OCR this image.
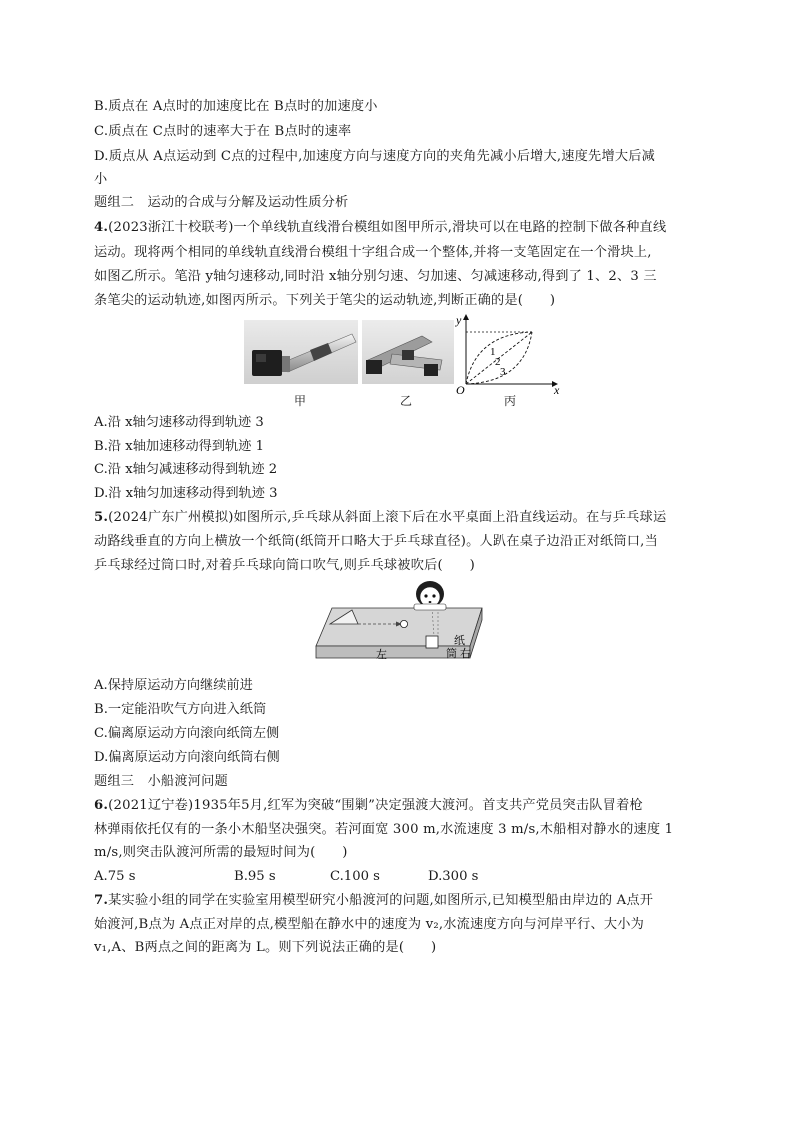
B.质点在 A点时的加速度比在 B点时的加速度小
C.质点在 C点时的速率大于在 B点时的速率
D.质点从 A点运动到 C点的过程中,加速度方向与速度方向的夹角先减小后增大,速度先增大后减
小
题组二　运动的合成与分解及运动性质分析
4.(2023浙江十校联考)一个单线轨直线滑台模组如图甲所示,滑块可以在电路的控制下做各种直线
运动。现将两个相同的单线轨直线滑台模组十字组合成一个整体,并将一支笔固定在一个滑块上,
如图乙所示。笔沿 y轴匀速移动,同时沿 x轴分别匀速、匀加速、匀减速移动,得到了 1、2、3 三
条笔尖的运动轨迹,如图丙所示。下列关于笔尖的运动轨迹,判断正确的是(　　)
y
x
O
1
2
3
甲	乙	丙
A.沿 x轴匀速移动得到轨迹 3
B.沿 x轴加速移动得到轨迹 1
C.沿 x轴匀减速移动得到轨迹 2
D.沿 x轴匀加速移动得到轨迹 3
5.(2024广东广州模拟)如图所示,乒乓球从斜面上滚下后在水平桌面上沿直线运动。在与乒乓球运
动路线垂直的方向上横放一个纸筒(纸筒开口略大于乒乓球直径)。人趴在桌子边沿正对纸筒口,当
乒乓球经过筒口时,对着乒乓球向筒口吹气,则乒乓球被吹后(　　)
左
纸
筒 右
A.保持原运动方向继续前进
B.一定能沿吹气方向进入纸筒
C.偏离原运动方向滚向纸筒左侧
D.偏离原运动方向滚向纸筒右侧
题组三　小船渡河问题
6.(2021辽宁卷)1935年5月,红军为突破“围剿”决定强渡大渡河。首支共产党员突击队冒着枪
林弹雨依托仅有的一条小木船坚决强突。若河面宽 300 m,水流速度 3 m/s,木船相对静水的速度 1
m/s,则突击队渡河所需的最短时间为(　　)
A.75 s	B.95 s	C.100 s	D.300 s
7.某实验小组的同学在实验室用模型研究小船渡河的问题,如图所示,已知模型船由岸边的 A点开
始渡河,B点为 A点正对岸的点,模型船在静水中的速度为 v₂,水流速度方向与河岸平行、大小为
v₁,A、B两点之间的距离为 L。则下列说法正确的是(　　)
